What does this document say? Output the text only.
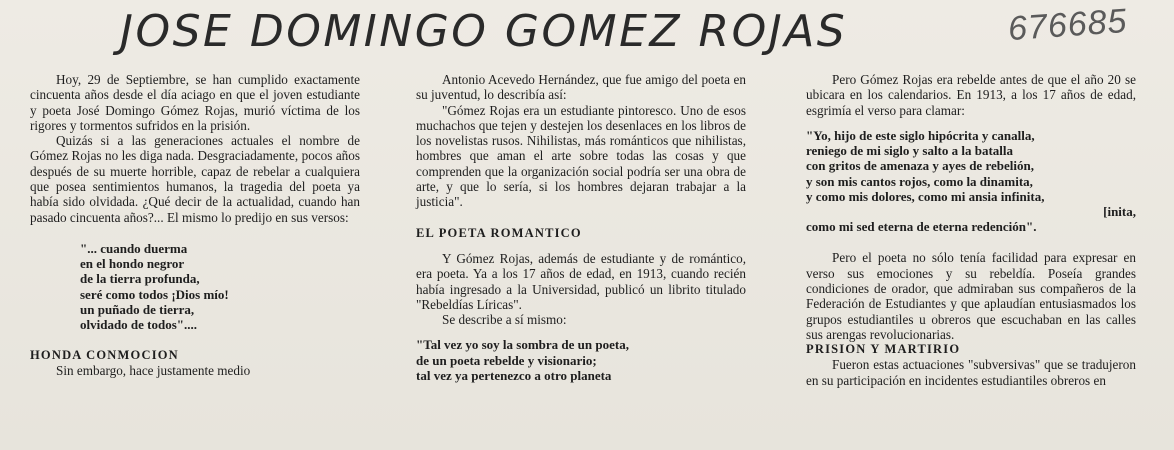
JOSE DOMINGO GOMEZ ROJAS	676685

Hoy, 29 de Septiembre, se han cumplido exactamente cincuenta años desde el día aciago en que el joven estudiante y poeta José Domingo Gómez Rojas, murió víctima de los rigores y tormentos sufridos en la prisión.

Quizás si a las generaciones actuales el nombre de Gómez Rojas no les diga nada. Desgraciadamente, pocos años después de su muerte horrible, capaz de rebelar a cualquiera que posea sentimientos humanos, la tragedia del poeta ya había sido olvidada. ¿Qué decir de la actualidad, cuando han pasado cincuenta años?... El mismo lo predijo en sus versos:

"... cuando duerma

en el hondo negror

de la tierra profunda,

seré como todos ¡Dios mío!

un puñado de tierra,

olvidado de todos"....

HONDA CONMOCION

Sin embargo, hace justamente medio

Antonio Acevedo Hernández, que fue amigo del poeta en su juventud, lo describía así:

"Gómez Rojas era un estudiante pintoresco. Uno de esos muchachos que tejen y destejen los desenlaces en los libros de los novelistas rusos. Nihilistas, más románticos que nihilistas, hombres que aman el arte sobre todas las cosas y que comprenden que la organización social podría ser una obra de arte, y que lo sería, si los hombres dejaran trabajar a la justicia".

EL POETA ROMANTICO

Y Gómez Rojas, además de estudiante y de romántico, era poeta. Ya a los 17 años de edad, en 1913, cuando recién había ingresado a la Universidad, publicó un librito titulado "Rebeldías Líricas".

Se describe a sí mismo:

"Tal vez yo soy la sombra de un poeta,

de un poeta rebelde y visionario;

tal vez ya pertenezco a otro planeta

Pero Gómez Rojas era rebelde antes de que el año 20 se ubicara en los calendarios. En 1913, a los 17 años de edad, esgrimía el verso para clamar:

"Yo, hijo de este siglo hipócrita y canalla,

reniego de mi siglo y salto a la batalla

con gritos de amenaza y ayes de rebelión,

y son mis cantos rojos, como la dinamita,

y como mis dolores, como mi ansia infinita,

[inita,

como mi sed eterna de eterna redención".

Pero el poeta no sólo tenía facilidad para expresar en verso sus emociones y su rebeldía. Poseía grandes condiciones de orador, que admiraban sus compañeros de la Federación de Estudiantes y que aplaudían entusiasmados los grupos estudiantiles u obreros que escuchaban en las calles sus arengas revolucionarias.

PRISION Y MARTIRIO

Fueron estas actuaciones "subversivas" que se tradujeron en su participación en incidentes estudiantiles obreros en
